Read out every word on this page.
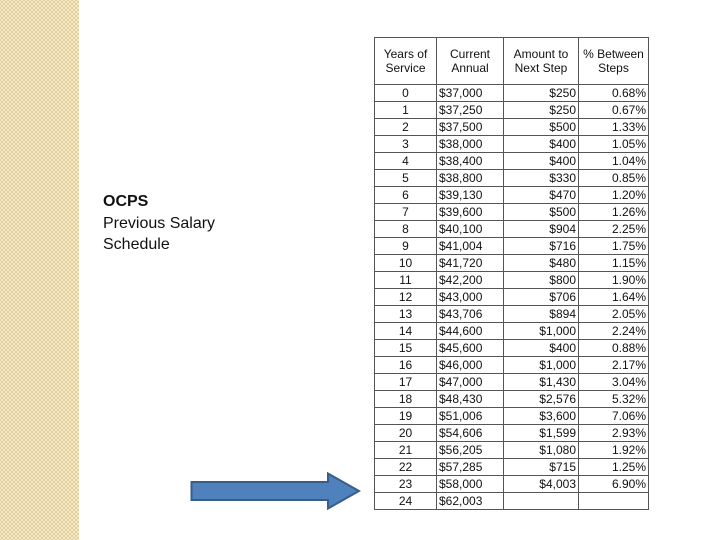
OCPS
Previous Salary
Schedule
Years of Service	Current Annual	Amount to Next Step	% Between Steps
0	$37,000	$250	0.68%
1	$37,250	$250	0.67%
2	$37,500	$500	1.33%
3	$38,000	$400	1.05%
4	$38,400	$400	1.04%
5	$38,800	$330	0.85%
6	$39,130	$470	1.20%
7	$39,600	$500	1.26%
8	$40,100	$904	2.25%
9	$41,004	$716	1.75%
10	$41,720	$480	1.15%
11	$42,200	$800	1.90%
12	$43,000	$706	1.64%
13	$43,706	$894	2.05%
14	$44,600	$1,000	2.24%
15	$45,600	$400	0.88%
16	$46,000	$1,000	2.17%
17	$47,000	$1,430	3.04%
18	$48,430	$2,576	5.32%
19	$51,006	$3,600	7.06%
20	$54,606	$1,599	2.93%
21	$56,205	$1,080	1.92%
22	$57,285	$715	1.25%
23	$58,000	$4,003	6.90%
24	$62,003		
